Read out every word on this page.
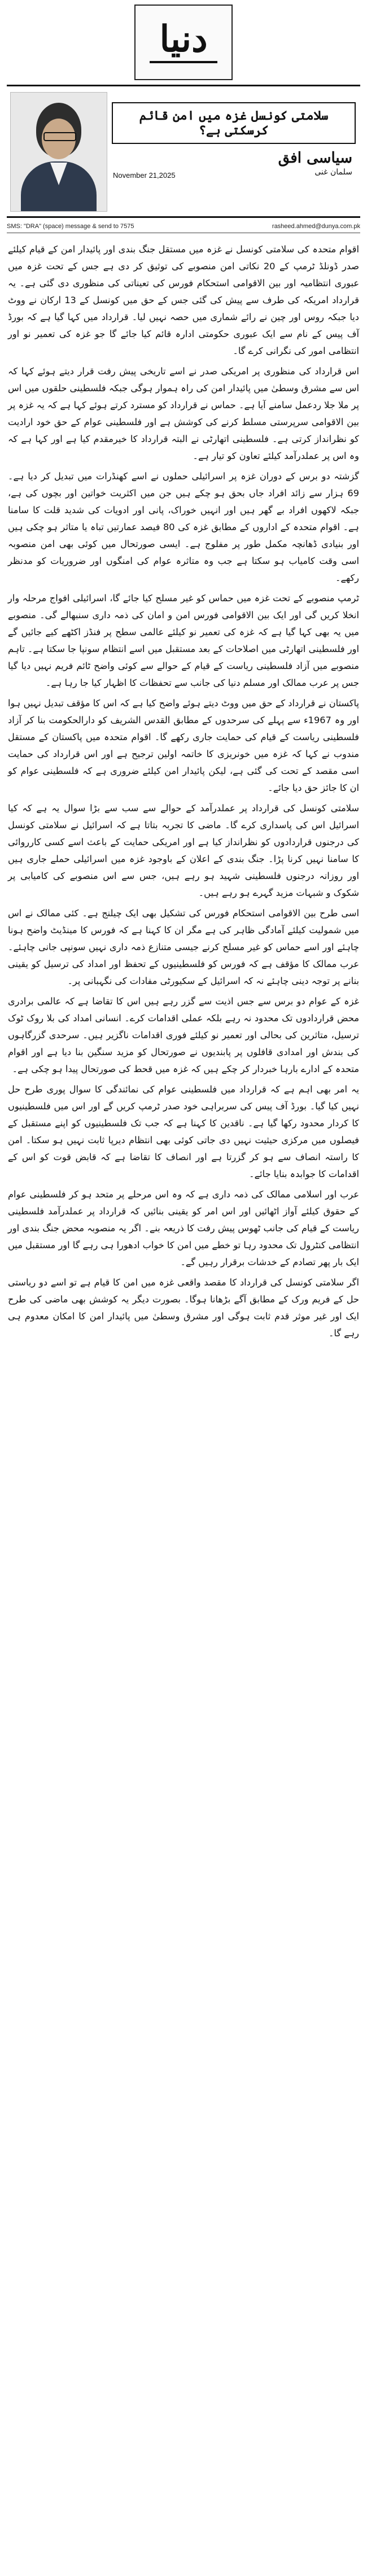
دنیا
سلامتی کونسل غزہ میں امن قائم کرسکتی ہے؟
سیاسی افق
سلمان غنی
November 21,2025
SMS: "DRA" (space) message & send to 7575	rasheed.ahmed@dunya.com.pk

اقوام متحدہ کی سلامتی کونسل نے غزہ میں مستقل جنگ بندی اور پائیدار امن کے قیام کیلئے صدر ڈونلڈ ٹرمپ کے 20 نکاتی امن منصوبے کی توثیق کر دی ہے جس کے تحت غزہ میں عبوری انتظامیہ اور بین الاقوامی استحکام فورس کی تعیناتی کی منظوری دی گئی ہے۔ یہ قرارداد امریکہ کی طرف سے پیش کی گئی جس کے حق میں کونسل کے 13 ارکان نے ووٹ دیا جبکہ روس اور چین نے رائے شماری میں حصہ نہیں لیا۔ قرارداد میں کہا گیا ہے کہ بورڈ آف پیس کے نام سے ایک عبوری حکومتی ادارہ قائم کیا جائے گا جو غزہ کی تعمیر نو اور انتظامی امور کی نگرانی کرے گا۔

اس قرارداد کی منظوری پر امریکی صدر نے اسے تاریخی پیش رفت قرار دیتے ہوئے کہا کہ اس سے مشرق وسطیٰ میں پائیدار امن کی راہ ہموار ہوگی جبکہ فلسطینی حلقوں میں اس پر ملا جلا ردعمل سامنے آیا ہے۔ حماس نے قرارداد کو مسترد کرتے ہوئے کہا ہے کہ یہ غزہ پر بین الاقوامی سرپرستی مسلط کرنے کی کوشش ہے اور فلسطینی عوام کے حق خود ارادیت کو نظرانداز کرتی ہے۔ فلسطینی اتھارٹی نے البتہ قرارداد کا خیرمقدم کیا ہے اور کہا ہے کہ وہ اس پر عملدرآمد کیلئے تعاون کو تیار ہے۔

گزشتہ دو برس کے دوران غزہ پر اسرائیلی حملوں نے اسے کھنڈرات میں تبدیل کر دیا ہے۔ 69 ہزار سے زائد افراد جاں بحق ہو چکے ہیں جن میں اکثریت خواتین اور بچوں کی ہے، جبکہ لاکھوں افراد بے گھر ہیں اور انہیں خوراک، پانی اور ادویات کی شدید قلت کا سامنا ہے۔ اقوام متحدہ کے اداروں کے مطابق غزہ کی 80 فیصد عمارتیں تباہ یا متاثر ہو چکی ہیں اور بنیادی ڈھانچہ مکمل طور پر مفلوج ہے۔ ایسی صورتحال میں کوئی بھی امن منصوبہ اسی وقت کامیاب ہو سکتا ہے جب وہ متاثرہ عوام کی امنگوں اور ضروریات کو مدنظر رکھے۔

ٹرمپ منصوبے کے تحت غزہ میں حماس کو غیر مسلح کیا جائے گا، اسرائیلی افواج مرحلہ وار انخلا کریں گی اور ایک بین الاقوامی فورس امن و امان کی ذمہ داری سنبھالے گی۔ منصوبے میں یہ بھی کہا گیا ہے کہ غزہ کی تعمیر نو کیلئے عالمی سطح پر فنڈز اکٹھے کیے جائیں گے اور فلسطینی اتھارٹی میں اصلاحات کے بعد مستقبل میں اسے انتظام سونپا جا سکتا ہے۔ تاہم منصوبے میں آزاد فلسطینی ریاست کے قیام کے حوالے سے کوئی واضح ٹائم فریم نہیں دیا گیا جس پر عرب ممالک اور مسلم دنیا کی جانب سے تحفظات کا اظہار کیا جا رہا ہے۔

پاکستان نے قرارداد کے حق میں ووٹ دیتے ہوئے واضح کیا ہے کہ اس کا مؤقف تبدیل نہیں ہوا اور وہ 1967ء سے پہلے کی سرحدوں کے مطابق القدس الشریف کو دارالحکومت بنا کر آزاد فلسطینی ریاست کے قیام کی حمایت جاری رکھے گا۔ اقوام متحدہ میں پاکستان کے مستقل مندوب نے کہا کہ غزہ میں خونریزی کا خاتمہ اولین ترجیح ہے اور اس قرارداد کی حمایت اسی مقصد کے تحت کی گئی ہے، لیکن پائیدار امن کیلئے ضروری ہے کہ فلسطینی عوام کو ان کا جائز حق دیا جائے۔

سلامتی کونسل کی قرارداد پر عملدرآمد کے حوالے سے سب سے بڑا سوال یہ ہے کہ کیا اسرائیل اس کی پاسداری کرے گا۔ ماضی کا تجربہ بتاتا ہے کہ اسرائیل نے سلامتی کونسل کی درجنوں قراردادوں کو نظرانداز کیا ہے اور امریکی حمایت کے باعث اسے کسی کارروائی کا سامنا نہیں کرنا پڑا۔ جنگ بندی کے اعلان کے باوجود غزہ میں اسرائیلی حملے جاری ہیں اور روزانہ درجنوں فلسطینی شہید ہو رہے ہیں، جس سے اس منصوبے کی کامیابی پر شکوک و شبہات مزید گہرے ہو رہے ہیں۔

اسی طرح بین الاقوامی استحکام فورس کی تشکیل بھی ایک چیلنج ہے۔ کئی ممالک نے اس میں شمولیت کیلئے آمادگی ظاہر کی ہے مگر ان کا کہنا ہے کہ فورس کا مینڈیٹ واضح ہونا چاہئے اور اسے حماس کو غیر مسلح کرنے جیسی متنازع ذمہ داری نہیں سونپی جانی چاہئے۔ عرب ممالک کا مؤقف ہے کہ فورس کو فلسطینیوں کے تحفظ اور امداد کی ترسیل کو یقینی بنانے پر توجہ دینی چاہئے نہ کہ اسرائیل کے سکیورٹی مفادات کی نگہبانی پر۔

غزہ کے عوام دو برس سے جس اذیت سے گزر رہے ہیں اس کا تقاضا ہے کہ عالمی برادری محض قراردادوں تک محدود نہ رہے بلکہ عملی اقدامات کرے۔ انسانی امداد کی بلا روک ٹوک ترسیل، متاثرین کی بحالی اور تعمیر نو کیلئے فوری اقدامات ناگزیر ہیں۔ سرحدی گزرگاہوں کی بندش اور امدادی قافلوں پر پابندیوں نے صورتحال کو مزید سنگین بنا دیا ہے اور اقوام متحدہ کے ادارے بارہا خبردار کر چکے ہیں کہ غزہ میں قحط کی صورتحال پیدا ہو چکی ہے۔

یہ امر بھی اہم ہے کہ قرارداد میں فلسطینی عوام کی نمائندگی کا سوال پوری طرح حل نہیں کیا گیا۔ بورڈ آف پیس کی سربراہی خود صدر ٹرمپ کریں گے اور اس میں فلسطینیوں کا کردار محدود رکھا گیا ہے۔ ناقدین کا کہنا ہے کہ جب تک فلسطینیوں کو اپنے مستقبل کے فیصلوں میں مرکزی حیثیت نہیں دی جاتی کوئی بھی انتظام دیرپا ثابت نہیں ہو سکتا۔ امن کا راستہ انصاف سے ہو کر گزرتا ہے اور انصاف کا تقاضا ہے کہ قابض قوت کو اس کے اقدامات کا جوابدہ بنایا جائے۔

عرب اور اسلامی ممالک کی ذمہ داری ہے کہ وہ اس مرحلے پر متحد ہو کر فلسطینی عوام کے حقوق کیلئے آواز اٹھائیں اور اس امر کو یقینی بنائیں کہ قرارداد پر عملدرآمد فلسطینی ریاست کے قیام کی جانب ٹھوس پیش رفت کا ذریعہ بنے۔ اگر یہ منصوبہ محض جنگ بندی اور انتظامی کنٹرول تک محدود رہا تو خطے میں امن کا خواب ادھورا ہی رہے گا اور مستقبل میں ایک بار پھر تصادم کے خدشات برقرار رہیں گے۔

اگر سلامتی کونسل کی قرارداد کا مقصد واقعی غزہ میں امن کا قیام ہے تو اسے دو ریاستی حل کے فریم ورک کے مطابق آگے بڑھانا ہوگا۔ بصورت دیگر یہ کوشش بھی ماضی کی طرح ایک اور غیر موثر قدم ثابت ہوگی اور مشرق وسطیٰ میں پائیدار امن کا امکان معدوم ہی رہے گا۔
